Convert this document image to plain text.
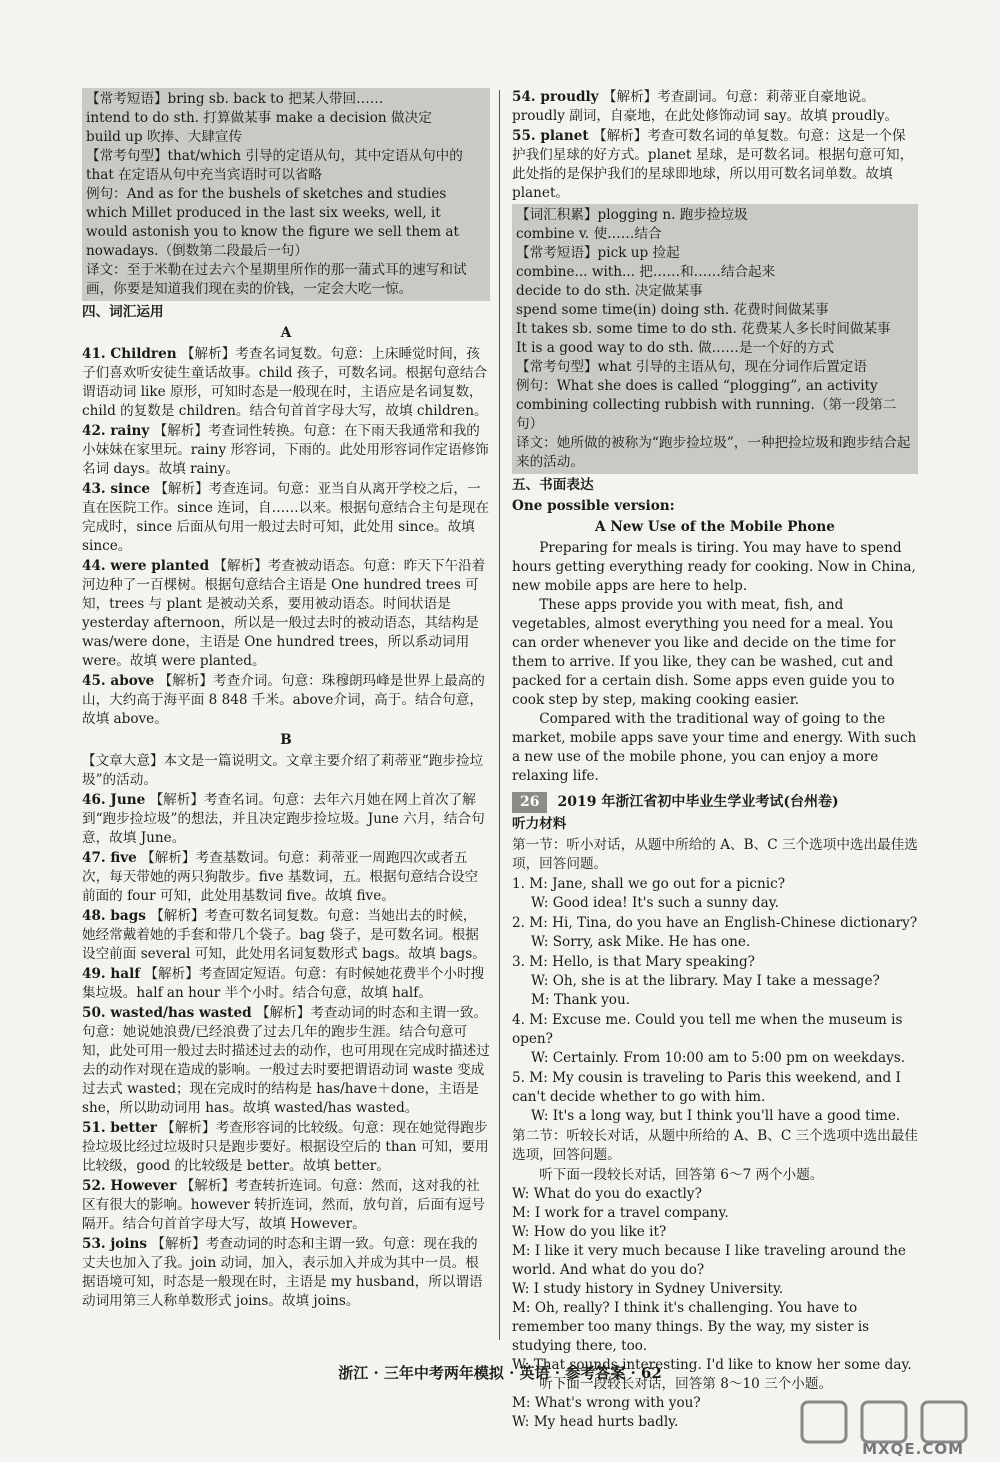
【常考短语】bring sb. back to 把某人带回……
intend to do sth. 打算做某事 make a decision 做决定
build up 吹捧、大肆宣传
【常考句型】that/which 引导的定语从句，其中定语从句中的 that 在定语从句中充当宾语时可以省略
例句：And as for the bushels of sketches and studies which Millet produced in the last six weeks, well, it would astonish you to know the figure we sell them at nowadays.（倒数第二段最后一句）
译文：至于米勒在过去六个星期里所作的那一蒲式耳的速写和试画，你要是知道我们现在卖的价钱，一定会大吃一惊。
四、词汇运用
A
41. Children 【解析】考查名词复数。句意：上床睡觉时间，孩子们喜欢听安徒生童话故事。child 孩子，可数名词。根据句意结合谓语动词 like 原形，可知时态是一般现在时，主语应是名词复数，child 的复数是 children。结合句首首字母大写，故填 children。
42. rainy 【解析】考查词性转换。句意：在下雨天我通常和我的小妹妹在家里玩。rainy 形容词，下雨的。此处用形容词作定语修饰名词 days。故填 rainy。
43. since 【解析】考查连词。句意：亚当自从离开学校之后，一直在医院工作。since 连词，自……以来。根据句意结合主句是现在完成时，since 后面从句用一般过去时可知，此处用 since。故填 since。
44. were planted 【解析】考查被动语态。句意：昨天下午沿着河边种了一百棵树。根据句意结合主语是 One hundred trees 可知，trees 与 plant 是被动关系，要用被动语态。时间状语是 yesterday afternoon，所以是一般过去时的被动语态，其结构是 was/were done，主语是 One hundred trees，所以系动词用 were。故填 were planted。
45. above 【解析】考查介词。句意：珠穆朗玛峰是世界上最高的山，大约高于海平面 8 848 千米。above介词，高于。结合句意，故填 above。
B
【文章大意】本文是一篇说明文。文章主要介绍了莉蒂亚“跑步捡垃圾”的活动。
46. June 【解析】考查名词。句意：去年六月她在网上首次了解到“跑步捡垃圾”的想法，并且决定跑步捡垃圾。June 六月，结合句意，故填 June。
47. five 【解析】考查基数词。句意：莉蒂亚一周跑四次或者五次，每天带她的两只狗散步。five 基数词，五。根据句意结合设空前面的 four 可知，此处用基数词 five。故填 five。
48. bags 【解析】考查可数名词复数。句意：当她出去的时候，她经常戴着她的手套和带几个袋子。bag 袋子，是可数名词。根据设空前面 several 可知，此处用名词复数形式 bags。故填 bags。
49. half 【解析】考查固定短语。句意：有时候她花费半个小时搜集垃圾。half an hour 半个小时。结合句意，故填 half。
50. wasted/has wasted 【解析】考查动词的时态和主谓一致。句意：她说她浪费/已经浪费了过去几年的跑步生涯。结合句意可知，此处可用一般过去时描述过去的动作，也可用现在完成时描述过去的动作对现在造成的影响。一般过去时要把谓语动词 waste 变成过去式 wasted；现在完成时的结构是 has/have＋done，主语是 she，所以助动词用 has。故填 wasted/has wasted。
51. better 【解析】考查形容词的比较级。句意：现在她觉得跑步捡垃圾比经过垃圾时只是跑步要好。根据设空后的 than 可知，要用比较级，good 的比较级是 better。故填 better。
52. However 【解析】考查转折连词。句意：然而，这对我的社区有很大的影响。however 转折连词，然而，放句首，后面有逗号隔开。结合句首首字母大写，故填 However。
53. joins 【解析】考查动词的时态和主谓一致。句意：现在我的丈夫也加入了我。join 动词，加入，表示加入并成为其中一员。根据语境可知，时态是一般现在时，主语是 my husband，所以谓语动词用第三人称单数形式 joins。故填 joins。
54. proudly 【解析】考查副词。句意：莉蒂亚自豪地说。proudly 副词，自豪地，在此处修饰动词 say。故填 proudly。
55. planet 【解析】考查可数名词的单复数。句意：这是一个保护我们星球的好方式。planet 星球，是可数名词。根据句意可知，此处指的是保护我们的星球即地球，所以用可数名词单数。故填 planet。
【词汇积累】plogging n. 跑步捡垃圾
combine v. 使……结合
【常考短语】pick up 捡起
combine... with... 把……和……结合起来
decide to do sth. 决定做某事
spend some time(in) doing sth. 花费时间做某事
It takes sb. some time to do sth. 花费某人多长时间做某事
It is a good way to do sth. 做……是一个好的方式
【常考句型】what 引导的主语从句，现在分词作后置定语
例句：What she does is called “plogging”, an activity combining collecting rubbish with running.（第一段第二句）
译文：她所做的被称为“跑步捡垃圾”，一种把捡垃圾和跑步结合起来的活动。
五、书面表达
One possible version:
A New Use of the Mobile Phone

Preparing for meals is tiring. You may have to spend hours getting everything ready for cooking. Now in China, new mobile apps are here to help.

These apps provide you with meat, fish, and vegetables, almost everything you need for a meal. You can order whenever you like and decide on the time for them to arrive. If you like, they can be washed, cut and packed for a certain dish. Some apps even guide you to cook step by step, making cooking easier.

Compared with the traditional way of going to the market, mobile apps save your time and energy. With such a new use of the mobile phone, you can enjoy a more relaxing life.

26	2019 年浙江省初中毕业生学业考试(台州卷)
听力材料
第一节：听小对话，从题中所给的 A、B、C 三个选项中选出最佳选项，回答问题。
1. M: Jane, shall we go out for a picnic?
W: Good idea! It's such a sunny day.
2. M: Hi, Tina, do you have an English-Chinese dictionary?
W: Sorry, ask Mike. He has one.
3. M: Hello, is that Mary speaking?
W: Oh, she is at the library. May I take a message?
M: Thank you.
4. M: Excuse me. Could you tell me when the museum is open?
W: Certainly. From 10:00 am to 5:00 pm on weekdays.
5. M: My cousin is traveling to Paris this weekend, and I can't decide whether to go with him.
W: It's a long way, but I think you'll have a good time.
第二节：听较长对话，从题中所给的 A、B、C 三个选项中选出最佳选项，回答问题。

听下面一段较长对话，回答第 6～7 两个小题。

W: What do you do exactly?
M: I work for a travel company.
W: How do you like it?
M: I like it very much because I like traveling around the world. And what do you do?
W: I study history in Sydney University.
M: Oh, really? I think it's challenging. You have to remember too many things. By the way, my sister is studying there, too.
W: That sounds interesting. I'd like to know her some day.

听下面一段较长对话，回答第 8～10 三个小题。

M: What's wrong with you?
W: My head hurts badly.
浙江 · 三年中考两年模拟 · 英语 · 参考答案 · 62
MXQE.COM
